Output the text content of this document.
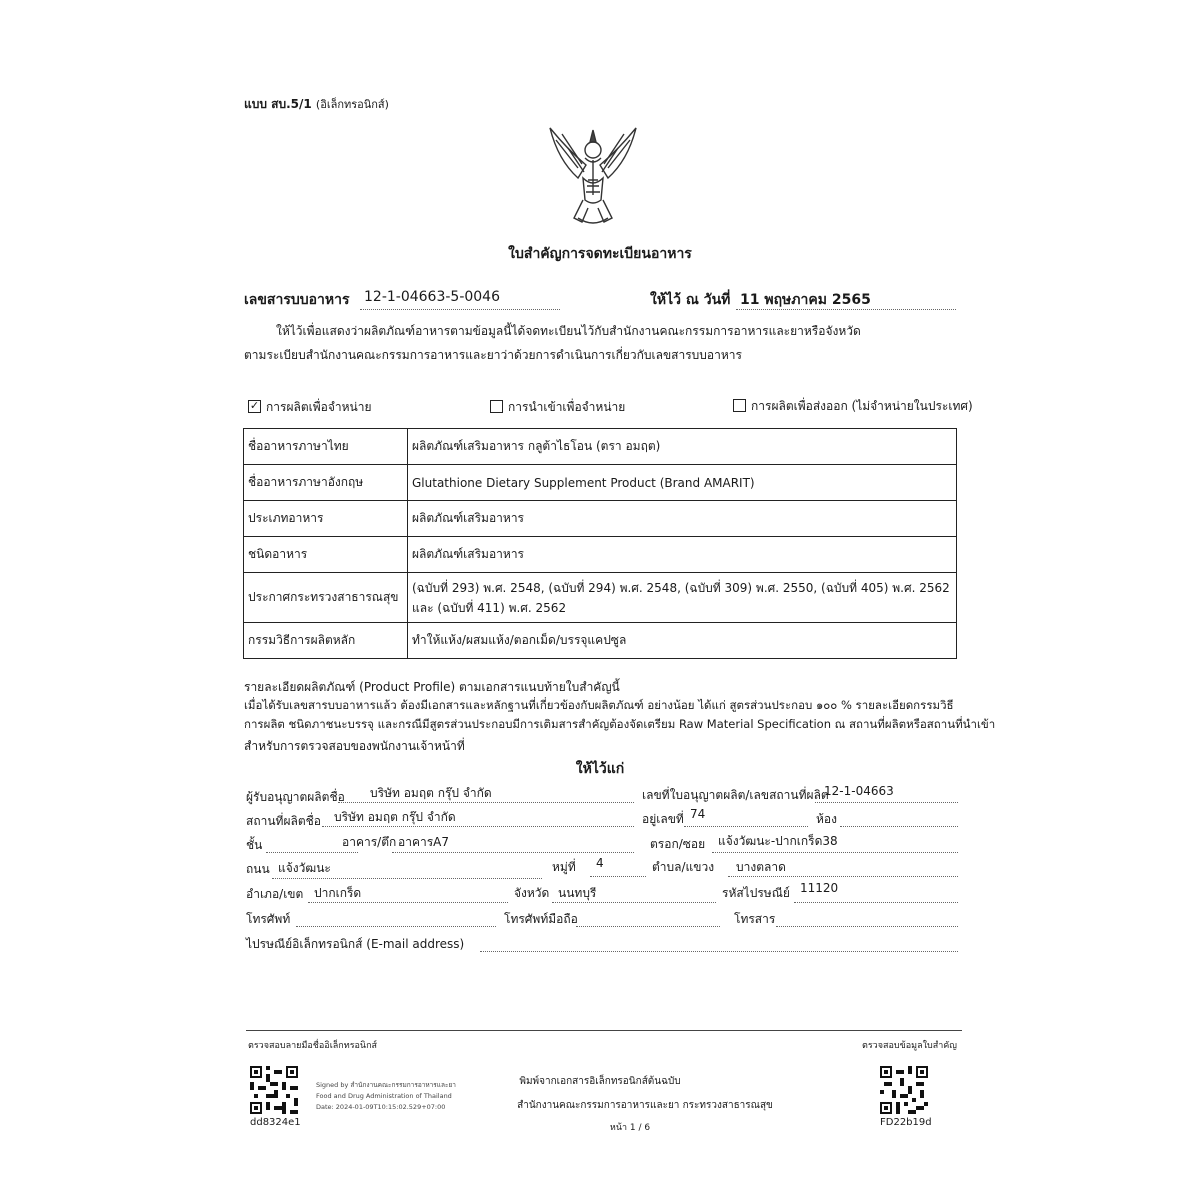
แบบ สบ.5/1 (อิเล็กทรอนิกส์)
ใบสำคัญการจดทะเบียนอาหาร
เลขสารบบอาหาร 12-1-04663-5-0046	ให้ไว้ ณ วันที่ 11 พฤษภาคม 2565
ให้ไว้เพื่อแสดงว่าผลิตภัณฑ์อาหารตามข้อมูลนี้ได้จดทะเบียนไว้กับสำนักงานคณะกรรมการอาหารและยาหรือจังหวัด
ตามระเบียบสำนักงานคณะกรรมการอาหารและยาว่าด้วยการดำเนินการเกี่ยวกับเลขสารบบอาหาร
✓ การผลิตเพื่อจำหน่าย	การนำเข้าเพื่อจำหน่าย	การผลิตเพื่อส่งออก (ไม่จำหน่ายในประเทศ)
ชื่ออาหารภาษาไทย	ผลิตภัณฑ์เสริมอาหาร กลูต้าไธโอน (ตรา อมฤต)
ชื่ออาหารภาษาอังกฤษ	Glutathione Dietary Supplement Product (Brand AMARIT)
ประเภทอาหาร	ผลิตภัณฑ์เสริมอาหาร
ชนิดอาหาร	ผลิตภัณฑ์เสริมอาหาร
ประกาศกระทรวงสาธารณสุข	(ฉบับที่ 293) พ.ศ. 2548, (ฉบับที่ 294) พ.ศ. 2548, (ฉบับที่ 309) พ.ศ. 2550, (ฉบับที่ 405) พ.ศ. 2562 และ (ฉบับที่ 411) พ.ศ. 2562
กรรมวิธีการผลิตหลัก	ทำให้แห้ง/ผสมแห้ง/ตอกเม็ด/บรรจุแคปซูล
รายละเอียดผลิตภัณฑ์ (Product Profile) ตามเอกสารแนบท้ายใบสำคัญนี้
เมื่อได้รับเลขสารบบอาหารแล้ว ต้องมีเอกสารและหลักฐานที่เกี่ยวข้องกับผลิตภัณฑ์ อย่างน้อย ได้แก่ สูตรส่วนประกอบ ๑๐๐ % รายละเอียดกรรมวิธี
การผลิต ชนิดภาชนะบรรจุ และกรณีมีสูตรส่วนประกอบมีการเติมสารสำคัญต้องจัดเตรียม Raw Material Specification ณ สถานที่ผลิตหรือสถานที่นำเข้า
สำหรับการตรวจสอบของพนักงานเจ้าหน้าที่
ให้ไว้แก่
ผู้รับอนุญาตผลิตชื่อ บริษัท อมฤต กรุ๊ป จำกัด	เลขที่ใบอนุญาตผลิต/เลขสถานที่ผลิต
12-1-04663
สถานที่ผลิตชื่อ บริษัท อมฤต กรุ๊ป จำกัด	อยู่เลขที่ 74	ห้อง
ชั้น	อาคาร/ตึก อาคารA7	ตรอก/ซอย แจ้งวัฒนะ-ปากเกร็ด38
ถนน แจ้งวัฒนะ	หมู่ที่ 4	ตำบล/แขวง บางตลาด
อำเภอ/เขต ปากเกร็ด	จังหวัด นนทบุรี	รหัสไปรษณีย์ 11120
โทรศัพท์	โทรศัพท์มือถือ	โทรสาร
ไปรษณีย์อิเล็กทรอนิกส์ (E-mail address)
ตรวจสอบลายมือชื่ออิเล็กทรอนิกส์	ตรวจสอบข้อมูลใบสำคัญ
dd8324e1
Signed by สำนักงานคณะกรรมการอาหารและยา
Food and Drug Administration of Thailand
Date: 2024-01-09T10:15:02.529+07:00
พิมพ์จากเอกสารอิเล็กทรอนิกส์ต้นฉบับ
สำนักงานคณะกรรมการอาหารและยา กระทรวงสาธารณสุข
หน้า 1 / 6	FD22b19d
